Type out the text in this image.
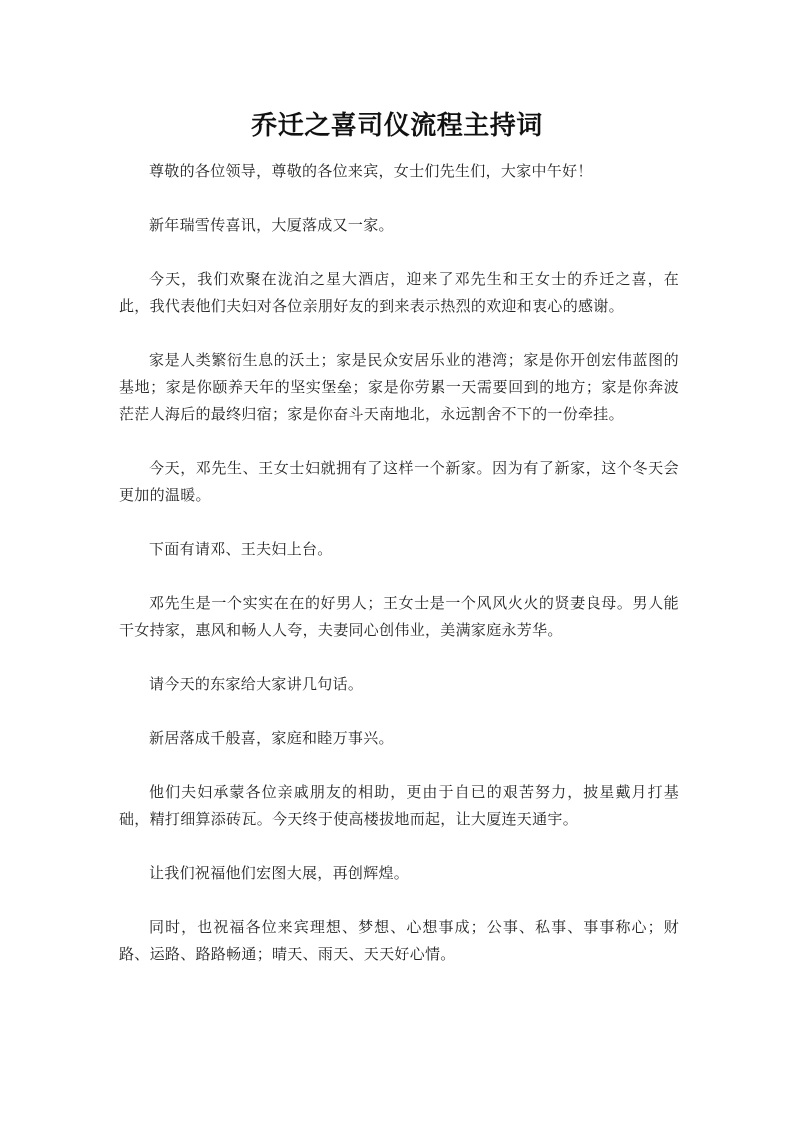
乔迁之喜司仪流程主持词

尊敬的各位领导，尊敬的各位来宾，女士们先生们，大家中午好！

新年瑞雪传喜讯，大厦落成又一家。

今天，我们欢聚在泷泊之星大酒店，迎来了邓先生和王女士的乔迁之喜，在此，我代表他们夫妇对各位亲朋好友的到来表示热烈的欢迎和衷心的感谢。

家是人类繁衍生息的沃土；家是民众安居乐业的港湾；家是你开创宏伟蓝图的基地；家是你颐养天年的坚实堡垒；家是你劳累一天需要回到的地方；家是你奔波茫茫人海后的最终归宿；家是你奋斗天南地北，永远割舍不下的一份牵挂。

今天，邓先生、王女士妇就拥有了这样一个新家。因为有了新家，这个冬天会更加的温暖。

下面有请邓、王夫妇上台。

邓先生是一个实实在在的好男人；王女士是一个风风火火的贤妻良母。男人能干女持家，惠风和畅人人夸，夫妻同心创伟业，美满家庭永芳华。

请今天的东家给大家讲几句话。

新居落成千般喜，家庭和睦万事兴。

他们夫妇承蒙各位亲戚朋友的相助，更由于自已的艰苦努力，披星戴月打基础，精打细算添砖瓦。今天终于使高楼拔地而起，让大厦连天通宇。

让我们祝福他们宏图大展，再创辉煌。

同时，也祝福各位来宾理想、梦想、心想事成；公事、私事、事事称心；财路、运路、路路畅通；晴天、雨天、天天好心情。
